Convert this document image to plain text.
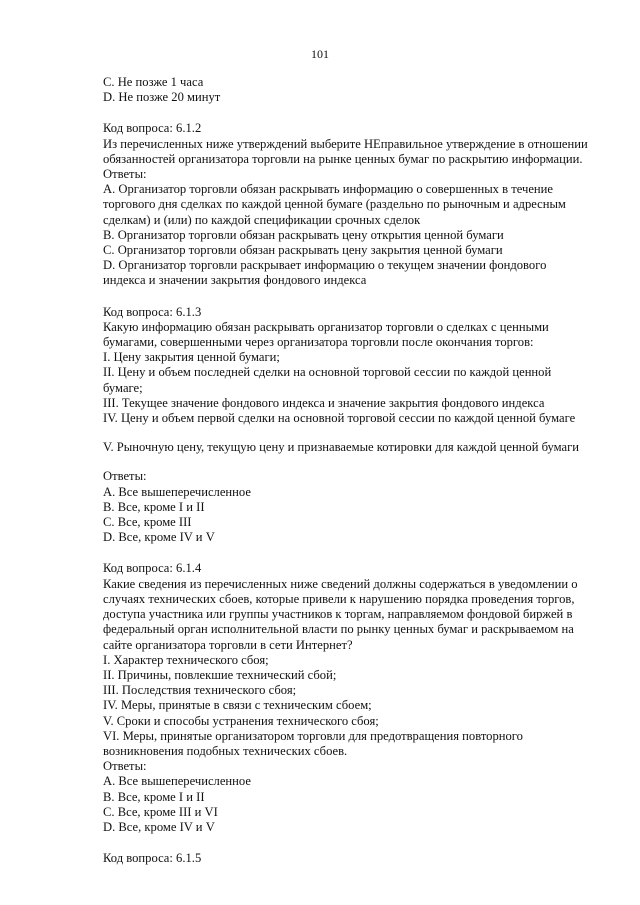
101
C. Не позже 1 часа
D. Не позже 20 минут
Код вопроса: 6.1.2
Из перечисленных ниже утверждений выберите НЕправильное утверждение в отношении
обязанностей организатора торговли на рынке ценных бумаг по раскрытию информации.
Ответы:
А. Организатор торговли обязан раскрывать информацию о совершенных в течение
торгового дня сделках по каждой ценной бумаге (раздельно по рыночным и адресным
сделкам) и (или) по каждой спецификации срочных сделок
B. Организатор торговли обязан раскрывать цену открытия ценной бумаги
C. Организатор торговли обязан раскрывать цену закрытия ценной бумаги
D. Организатор торговли раскрывает информацию о текущем значении фондового
индекса и значении закрытия фондового индекса
Код вопроса: 6.1.3
Какую информацию обязан раскрывать организатор торговли о сделках с ценными
бумагами, совершенными через организатора торговли после окончания торгов:
I. Цену закрытия ценной бумаги;
II. Цену и объем последней сделки на основной торговой сессии по каждой ценной
бумаге;
III. Текущее значение фондового индекса и значение закрытия фондового индекса
IV. Цену и объем первой сделки на основной торговой сессии по каждой ценной бумаге
V. Рыночную цену, текущую цену и признаваемые котировки для каждой ценной бумаги
Ответы:
А. Все вышеперечисленное
B. Все, кроме I и II
C. Все, кроме III
D. Все, кроме IV и V
Код вопроса: 6.1.4
Какие сведения из перечисленных ниже сведений должны содержаться в уведомлении о
случаях технических сбоев, которые привели к нарушению порядка проведения торгов,
доступа участника или группы участников к торгам, направляемом фондовой биржей в
федеральный орган исполнительной власти по рынку ценных бумаг и раскрываемом на
сайте организатора торговли в сети Интернет?
I. Характер технического сбоя;
II. Причины, повлекшие технический сбой;
III. Последствия технического сбоя;
IV. Меры, принятые в связи с техническим сбоем;
V. Сроки и способы устранения технического сбоя;
VI. Меры, принятые организатором торговли для предотвращения повторного
возникновения подобных технических сбоев.
Ответы:
А. Все вышеперечисленное
B. Все, кроме I и II
C. Все, кроме III и VI
D. Все, кроме IV и V
Код вопроса: 6.1.5
